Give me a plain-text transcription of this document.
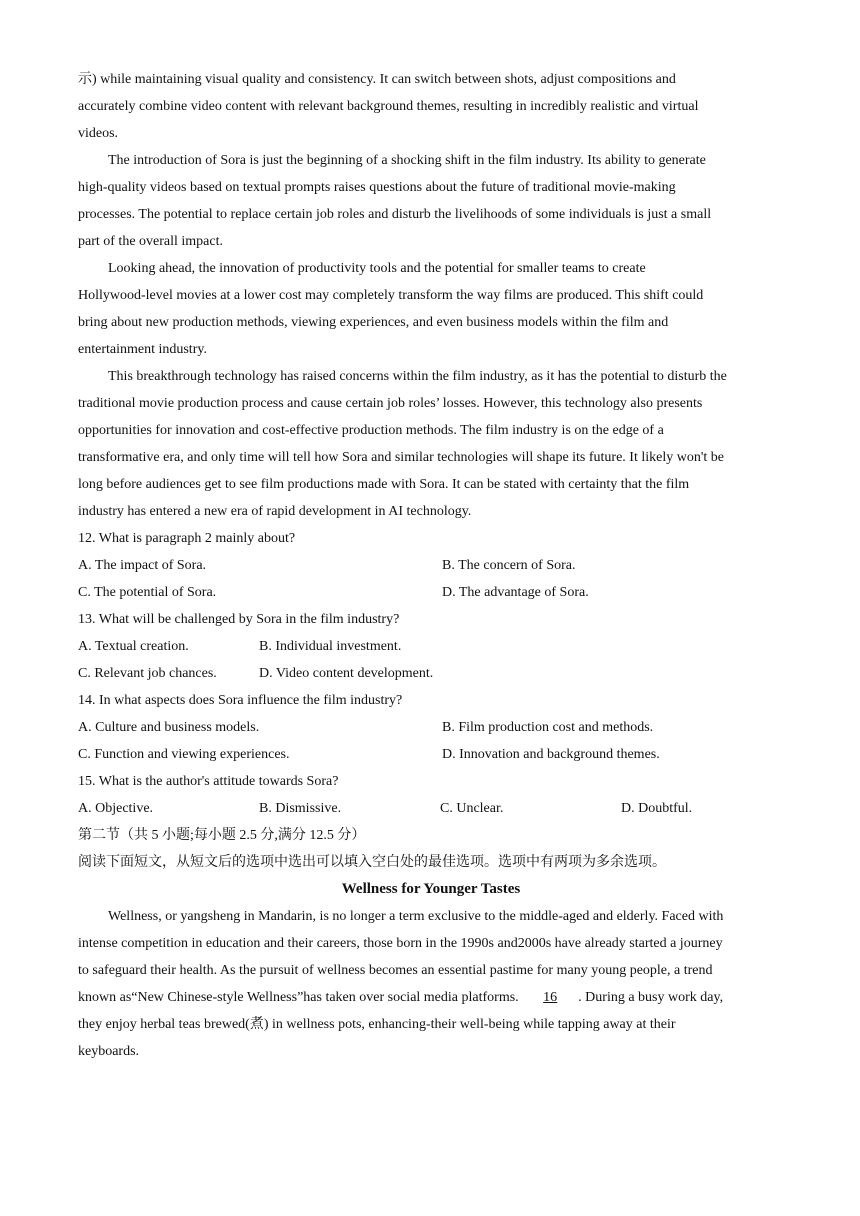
示) while maintaining visual quality and consistency. It can switch between shots, adjust compositions and
accurately combine video content with relevant background themes, resulting in incredibly realistic and virtual
videos.
The introduction of Sora is just the beginning of a shocking shift in the film industry. Its ability to generate
high-quality videos based on textual prompts raises questions about the future of traditional movie-making
processes. The potential to replace certain job roles and disturb the livelihoods of some individuals is just a small
part of the overall impact.
Looking ahead, the innovation of productivity tools and the potential for smaller teams to create
Hollywood-level movies at a lower cost may completely transform the way films are produced. This shift could
bring about new production methods, viewing experiences, and even business models within the film and
entertainment industry.
This breakthrough technology has raised concerns within the film industry, as it has the potential to disturb the
traditional movie production process and cause certain job roles’ losses. However, this technology also presents
opportunities for innovation and cost-effective production methods. The film industry is on the edge of a
transformative era, and only time will tell how Sora and similar technologies will shape its future. It likely won't be
long before audiences get to see film productions made with Sora. It can be stated with certainty that the film
industry has entered a new era of rapid development in AI technology.
12. What is paragraph 2 mainly about?
A. The impact of Sora.	B. The concern of Sora.
C. The potential of Sora.	D. The advantage of Sora.
13. What will be challenged by Sora in the film industry?
A. Textual creation.	B. Individual investment.
C. Relevant job chances.	D. Video content development.
14. In what aspects does Sora influence the film industry?
A. Culture and business models.	B. Film production cost and methods.
C. Function and viewing experiences.	D. Innovation and background themes.
15. What is the author's attitude towards Sora?
A. Objective.	B. Dismissive.	C. Unclear.	D. Doubtful.
第二节（共 5 小题;每小题 2.5 分,满分 12.5 分）
阅读下面短文，从短文后的选项中选出可以填入空白处的最佳选项。选项中有两项为多余选项。
Wellness for Younger Tastes
Wellness, or yangsheng in Mandarin, is no longer a term exclusive to the middle-aged and elderly. Faced with
intense competition in education and their careers, those born in the 1990s and2000s have already started a journey
to safeguard their health. As the pursuit of wellness becomes an essential pastime for many young people, a trend
known as“New Chinese-style Wellness”has taken over social media platforms. 16 . During a busy work day,
they enjoy herbal teas brewed(煮) in wellness pots, enhancing-their well-being while tapping away at their
keyboards.
